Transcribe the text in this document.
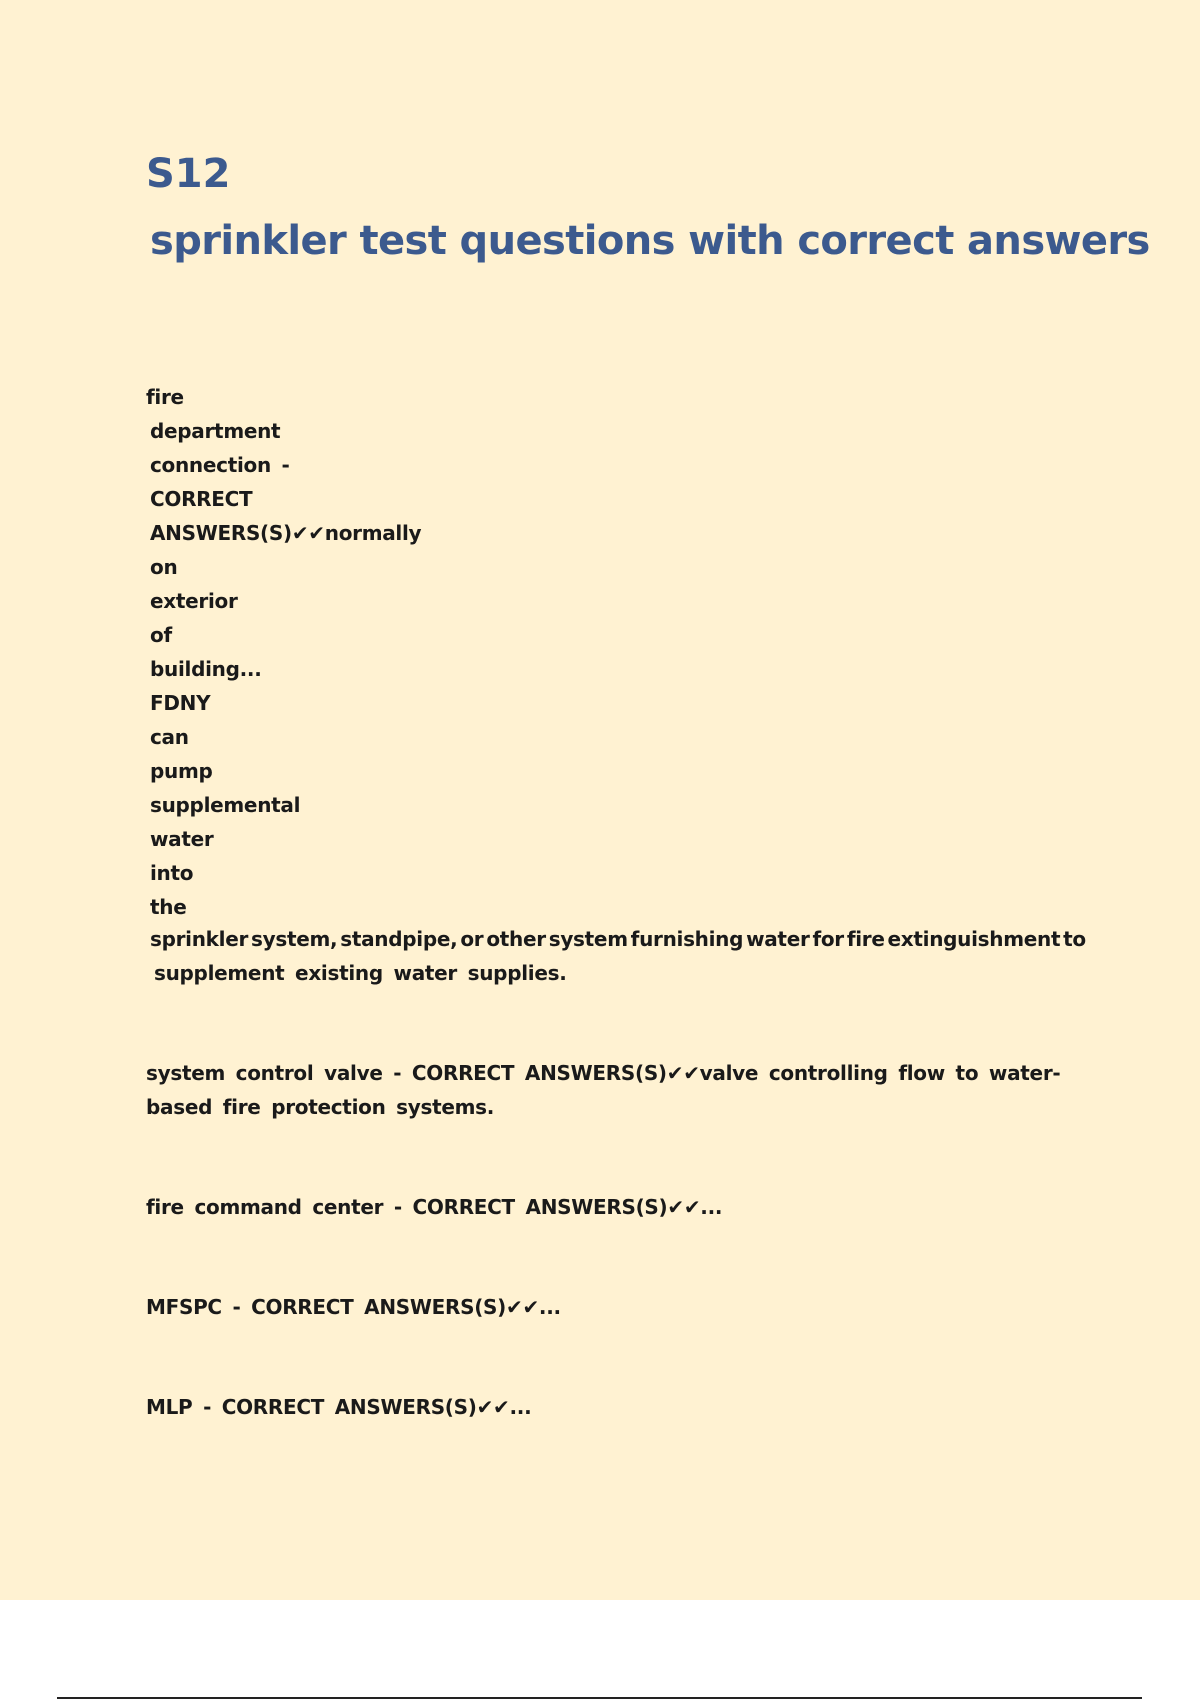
S12
sprinkler test questions with correct answers
fire
department
connection -
CORRECT
ANSWERS(S)✔✔normally
on
exterior
of
building...
FDNY
can
pump
supplemental
water
into
the
sprinkler system, standpipe, or other system furnishing water for fire extinguishment to
supplement existing water supplies.
system control valve - CORRECT ANSWERS(S)✔✔valve controlling flow to water-
based fire protection systems.
fire command center - CORRECT ANSWERS(S)✔✔...
MFSPC - CORRECT ANSWERS(S)✔✔...
MLP - CORRECT ANSWERS(S)✔✔...
